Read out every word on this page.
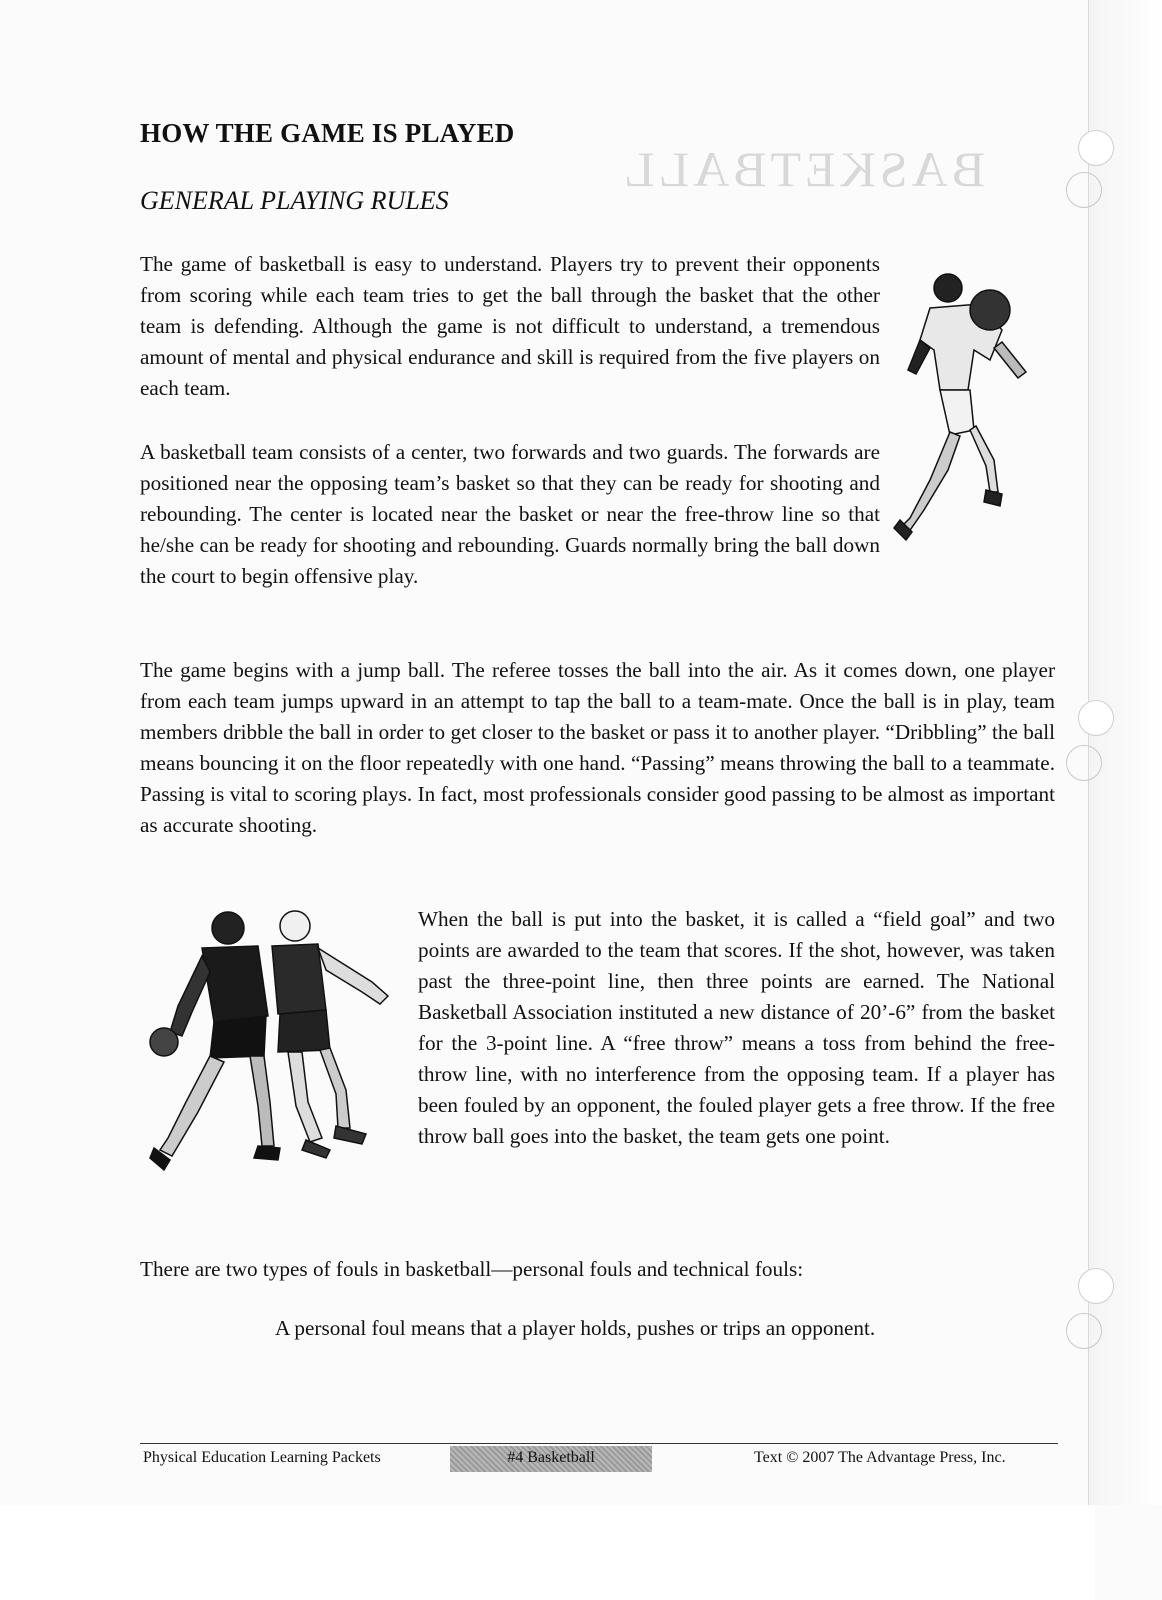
BASKETBALL
HOW THE GAME IS PLAYED
GENERAL PLAYING RULES

The game of basketball is easy to understand. Players try to prevent their opponents from scoring while each team tries to get the ball through the basket that the other team is defending. Although the game is not difficult to understand, a tremendous amount of mental and physical endurance and skill is required from the five players on each team.

A basketball team consists of a center, two forwards and two guards. The forwards are positioned near the opposing team’s basket so that they can be ready for shooting and rebounding. The center is located near the basket or near the free-throw line so that he/she can be ready for shooting and rebounding. Guards normally bring the ball down the court to begin offensive play.

The game begins with a jump ball. The referee tosses the ball into the air. As it comes down, one player from each team jumps upward in an attempt to tap the ball to a team-mate. Once the ball is in play, team members dribble the ball in order to get closer to the basket or pass it to another player. “Dribbling” the ball means bouncing it on the floor repeatedly with one hand. “Passing” means throwing the ball to a teammate. Passing is vital to scoring plays. In fact, most professionals consider good passing to be almost as important as accurate shooting.

When the ball is put into the basket, it is called a “field goal” and two points are awarded to the team that scores. If the shot, however, was taken past the three-point line, then three points are earned. The National Basketball Association instituted a new distance of 20’-6” from the basket for the 3-point line. A “free throw” means a toss from behind the free-throw line, with no interference from the opposing team. If a player has been fouled by an opponent, the fouled player gets a free throw. If the free throw ball goes into the basket, the team gets one point.

There are two types of fouls in basketball—personal fouls and technical fouls:

A personal foul means that a player holds, pushes or trips an opponent.

Physical Education Learning Packets	#4 Basketball	Text © 2007 The Advantage Press, Inc.
